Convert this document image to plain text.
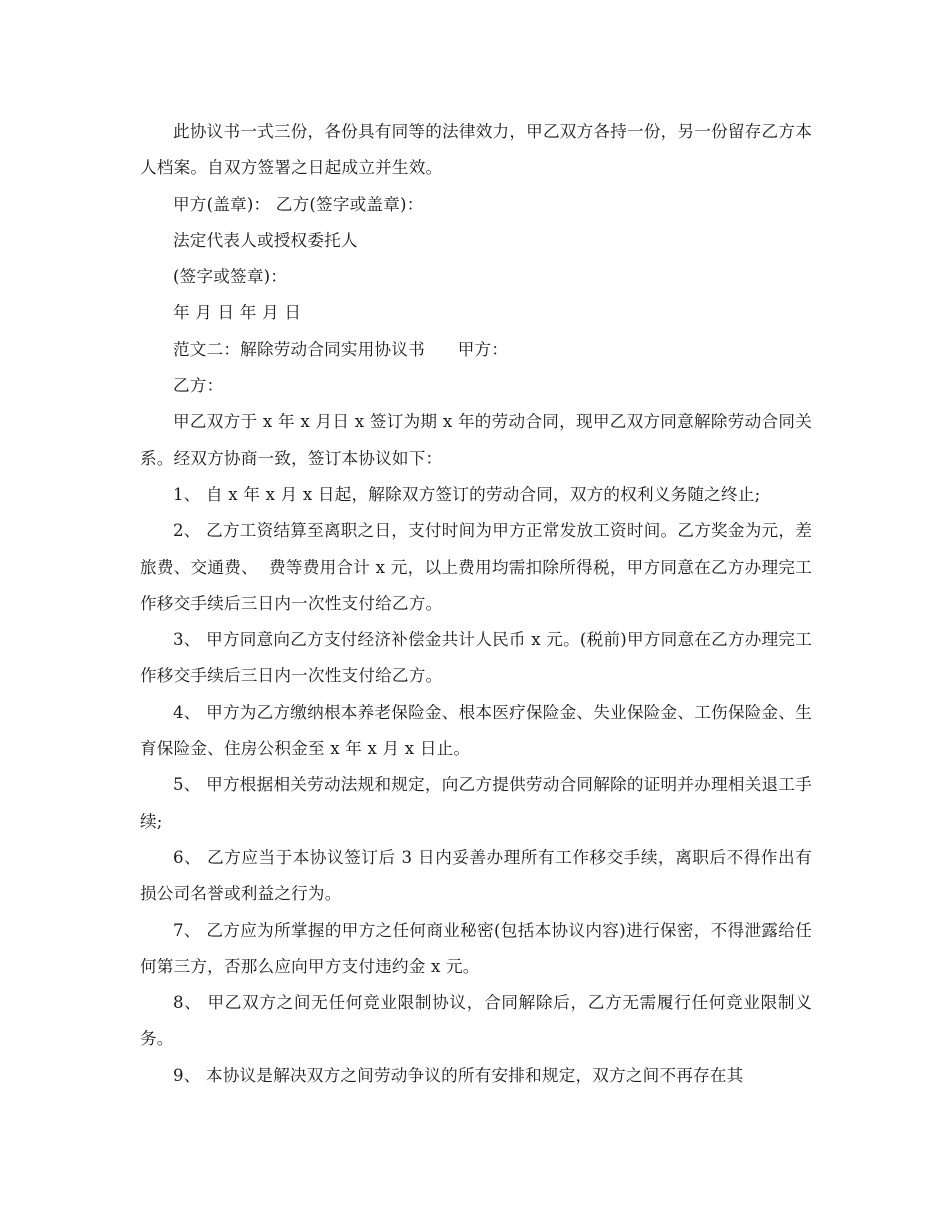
此协议书一式三份，各份具有同等的法律效力，甲乙双方各持一份，另一份留存乙方本人档案。自双方签署之日起成立并生效。

甲方(盖章)： 乙方(签字或盖章)：

法定代表人或授权委托人

(签字或签章)：

年 月 日 年 月 日

范文二：解除劳动合同实用协议书      甲方：

乙方：

甲乙双方于 x 年 x 月日 x 签订为期 x 年的劳动合同，现甲乙双方同意解除劳动合同关系。经双方协商一致，签订本协议如下：

1、 自 x 年 x 月 x 日起，解除双方签订的劳动合同，双方的权利义务随之终止;

2、 乙方工资结算至离职之日，支付时间为甲方正常发放工资时间。乙方奖金为元，差旅费、交通费、  费等费用合计 x 元，以上费用均需扣除所得税，甲方同意在乙方办理完工作移交手续后三日内一次性支付给乙方。

3、 甲方同意向乙方支付经济补偿金共计人民币 x 元。(税前)甲方同意在乙方办理完工作移交手续后三日内一次性支付给乙方。

4、 甲方为乙方缴纳根本养老保险金、根本医疗保险金、失业保险金、工伤保险金、生育保险金、住房公积金至 x 年 x 月 x 日止。

5、 甲方根据相关劳动法规和规定，向乙方提供劳动合同解除的证明并办理相关退工手续;

6、 乙方应当于本协议签订后 3 日内妥善办理所有工作移交手续，离职后不得作出有损公司名誉或利益之行为。

7、 乙方应为所掌握的甲方之任何商业秘密(包括本协议内容)进行保密，不得泄露给任何第三方，否那么应向甲方支付违约金 x 元。

8、 甲乙双方之间无任何竞业限制协议，合同解除后，乙方无需履行任何竞业限制义务。

9、 本协议是解决双方之间劳动争议的所有安排和规定，双方之间不再存在其
